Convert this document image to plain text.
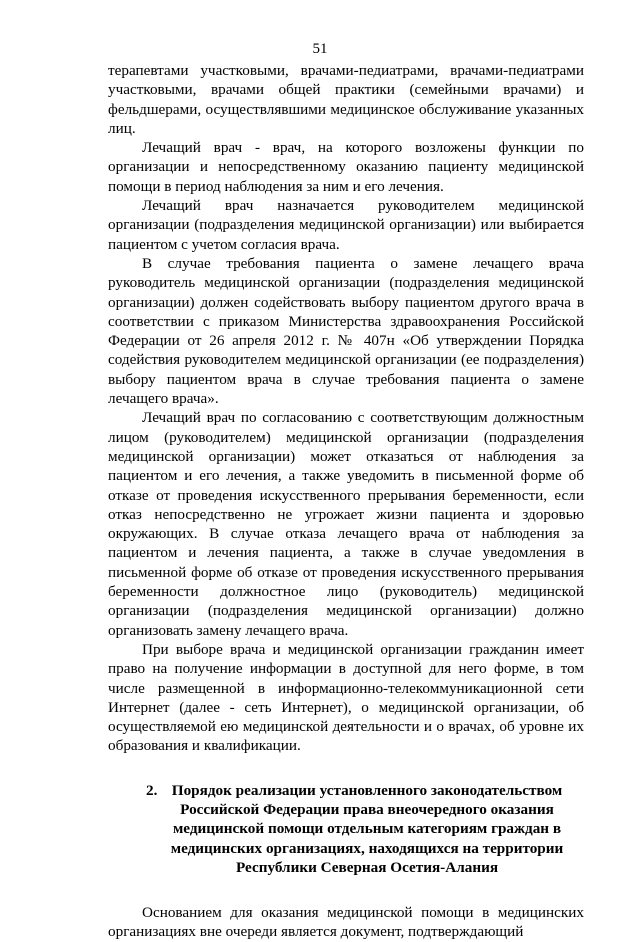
51

терапевтами участковыми, врачами-педиатрами, врачами-педиатрами участковыми, врачами общей практики (семейными врачами) и фельдшерами, осуществлявшими медицинское обслуживание указанных лиц.

Лечащий врач - врач, на которого возложены функции по организации и непосредственному оказанию пациенту медицинской помощи в период наблюдения за ним и его лечения.

Лечащий врач назначается руководителем медицинской организации (подразделения медицинской организации) или выбирается пациентом с учетом согласия врача.

В случае требования пациента о замене лечащего врача руководитель медицинской организации (подразделения медицинской организации) должен содействовать выбору пациентом другого врача в соответствии с приказом Министерства здравоохранения Российской Федерации от 26 апреля 2012 г. № 407н «Об утверждении Порядка содействия руководителем медицинской организации (ее подразделения) выбору пациентом врача в случае требования пациента о замене лечащего врача».

Лечащий врач по согласованию с соответствующим должностным лицом (руководителем) медицинской организации (подразделения медицинской организации) может отказаться от наблюдения за пациентом и его лечения, а также уведомить в письменной форме об отказе от проведения искусственного прерывания беременности, если отказ непосредственно не угрожает жизни пациента и здоровью окружающих. В случае отказа лечащего врача от наблюдения за пациентом и лечения пациента, а также в случае уведомления в письменной форме об отказе от проведения искусственного прерывания беременности должностное лицо (руководитель) медицинской организации (подразделения медицинской организации) должно организовать замену лечащего врача.

При выборе врача и медицинской организации гражданин имеет право на получение информации в доступной для него форме, в том числе размещенной в информационно-телекоммуникационной сети Интернет (далее - сеть Интернет), о медицинской организации, об осуществляемой ею медицинской деятельности и о врачах, об уровне их образования и квалификации.

2. Порядок реализации установленного законодательством Российской Федерации права внеочередного оказания медицинской помощи отдельным категориям граждан в медицинских организациях, находящихся на территории Республики Северная Осетия-Алания

Основанием для оказания медицинской помощи в медицинских организациях вне очереди является документ, подтверждающий
